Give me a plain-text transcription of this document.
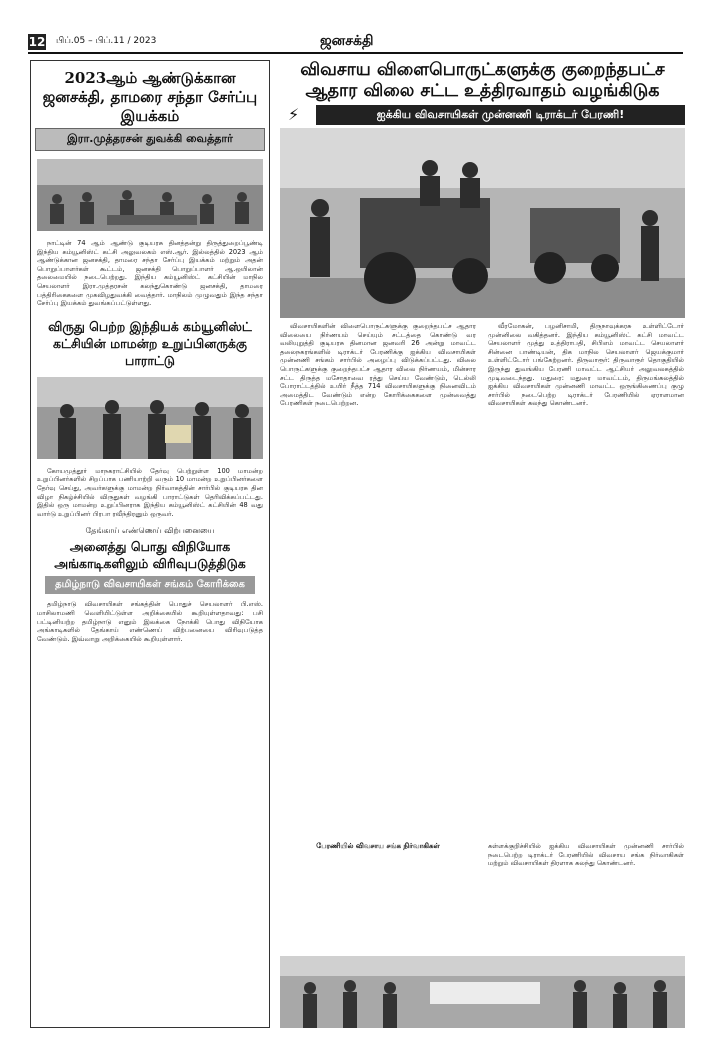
12 பிப்.05 – பிப்.11 / 2023	ஜனசக்தி
2023ஆம் ஆண்டுக்கான ஜனசக்தி, தாமரை சந்தா சேர்ப்பு இயக்கம்
இரா.முத்தரசன் துவக்கி வைத்தார்
நாட்டின் 74 ஆம் ஆண்டு குடியரசு தினத்தன்று திருத்துறைப்பூண்டி இந்திய கம்யூனிஸ்ட் கட்சி அலுவலகம் எஸ்.ஆர். இல்லத்தில் 2023 ஆம் ஆண்டுக்கான ஜனசக்தி, தாமரை சந்தா சேர்ப்பு இயக்கம் மற்றும் அதன் பொறுப்பாளர்கள் கூட்டம், ஜனசக்தி பொறுப்பாளர் ஆ.ஒயிலான் தலைமையில் நடைபெற்றது. இந்திய கம்யூனிஸ்ட் கட்சியின் மாநில செயலாளர் இரா.முத்தரசன் கலந்துகொண்டு ஜனசக்தி, தாமரை பத்திரிகைகளை முகவிழதுவக்கி வைத்தார். மாநிலம் முழுவதும் இந்த சந்தா சேர்ப்பு இயக்கம் துவங்கப்பட்டுள்ளது.
விருது பெற்ற இந்தியக் கம்யூனிஸ்ட் கட்சியின் மாமன்ற உறுப்பினருக்கு பாராட்டு
கோயமுத்தூர் மாநகராட்சியில் தேர்வு பெற்றுள்ள 100 மாமன்ற உறுப்பினர்களில் சிறப்பாக பணியாற்றி வரும் 10 மாமன்ற உறுப்பினர்களை தேர்வு செய்து, அவர்களுக்கு மாமன்ற நிர்வாகத்தின் சார்பில் குடியரசு தின விழா நிகழ்ச்சியில் விருதுகள் வழங்கி பாராட்டுகள் தெரிவிக்கப்பட்டது. இதில் ஒரு மாமன்ற உறுப்பினராக இந்திய கம்யூனிஸ்ட் கட்சியின் 48 வது வார்டு உறுப்பினர் பிரபா ரவீந்திரனும் ஒருவர்.
தேங்காய் எண்ணெய் விற்பனையை
அனைத்து பொது விநியோக அங்காடிகளிலும் விரிவுபடுத்திடுக
தமிழ்நாடு விவசாயிகள் சங்கம் கோரிக்கை
தமிழ்நாடு விவசாயிகள் சங்கத்தின் பொதுச் செயலாளர் பி.எஸ். மாசிலாமணி வெளியிட்டுள்ள அறிக்கையில் கூறியுள்ளதாவது: பசி பட்டினியற்ற தமிழ்நாடு எனும் இலக்கை நோக்கி பொது விநியோக அங்காடிகளில் தேங்காய் எண்ணெய் விற்பனையை விரிவுபடுத்த வேண்டும். இவ்வாறு அறிக்கையில் கூறியுள்ளார்.
விவசாய விளைபொருட்களுக்கு குறைந்தபட்ச ஆதார விலை சட்ட உத்திரவாதம் வழங்கிடுக
⚡	ஐக்கிய விவசாயிகள் முன்னணி டிராக்டர் பேரணி!

விவசாயிகளின் விளைபொருட்களுக்கு குறைந்தபட்ச ஆதார விலையை நிர்ணயம் செய்யும் சட்டத்தை கொண்டு வர வலியுறுத்தி குடியரசு தினமான ஜனவரி 26 அன்று மாவட்ட தலைநகரங்களில் டிராக்டர் பேரணிக்கு ஐக்கிய விவசாயிகள் முன்னணி சங்கம் சார்பில் அழைப்பு விடுக்கப்பட்டது. விலை பொருட்களுக்கு குறைந்தபட்ச ஆதார விலை நிர்ணயம், மின்சார சட்ட திருத்த மசோதாவை ரத்து செய்ய வேண்டும், டெல்லி போராட்டத்தில் உயிர் நீத்த 714 விவசாயிகளுக்கு நினைவிடம் அமைத்திட வேண்டும் என்ற கோரிக்கைகளை முன்வைத்து பேரணிகள் நடைபெற்றன.

வீரமோகன், பழனிசாமி, திருநாவுக்கரசு உள்ளிட்டோர் முன்னிலை வகித்தனர். இந்திய கம்யூனிஸ்ட் கட்சி மாவட்ட செயலாளர் முத்து உத்திராபதி, சிபிஎம் மாவட்ட செயலாளர் சின்னை பாண்டியன், திக மாநில செயலாளர் ஜெயக்குமார் உள்ளிட்டோர் பங்கேற்றனர். திருவாரூர்: திருவாரூர் தொகுதியில் இருந்து துவங்கிய பேரணி மாவட்ட ஆட்சியர் அலுவலகத்தில் முடிவடைந்தது. மதுரை: மதுரை மாவட்டம், திருமங்கலத்தில் ஐக்கிய விவசாயிகள் முன்னணி மாவட்ட ஒருங்கிணைப்பு குழு சார்பில் நடைபெற்ற டிராக்டர் பேரணியில் ஏராளமான விவசாயிகள் கலந்து கொண்டனர்.

பேரணியில் விவசாய சங்க நிர்வாகிகள்	கள்ளக்குறிச்சியில் ஐக்கிய விவசாயிகள் முன்னணி சார்பில் நடைபெற்ற டிராக்டர் பேரணியில் விவசாய சங்க நிர்வாகிகள் மற்றும் விவசாயிகள் திரளாக கலந்து கொண்டனர்.
